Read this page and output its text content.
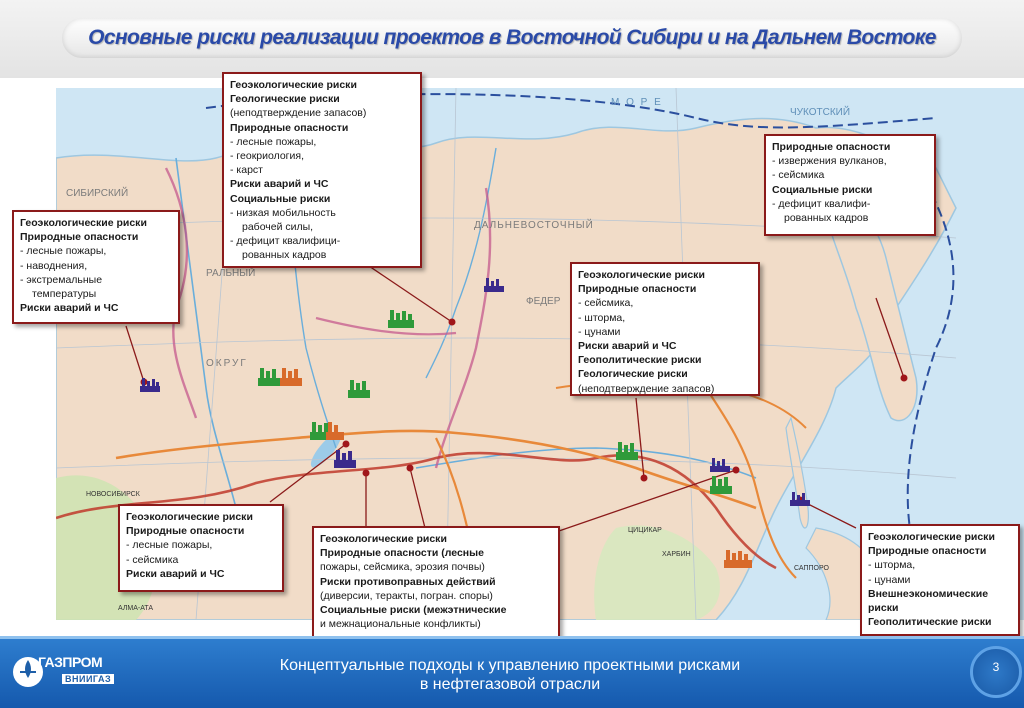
Основные риски реализации проектов в Восточной Сибири и на Дальнем Востоке
М О Р Е
ЧУКОТСКИЙ
СИБИРСКИЙ
ДАЛЬНЕВОСТОЧНЫЙ
ФЕДЕР
РАЛЬНЫЙ
ОКРУГ
НОВОСИБИРСК
ЦИЦИКАР
ХАРБИН
САППОРО
АЛМА-АТА
Геоэкологические риски
Геологические риски
(неподтверждение запасов)
Природные опасности
- лесные пожары,
- геокриология,
- карст
Риски аварий и ЧС
Социальные риски
- низкая мобильность
рабочей силы,
- дефицит квалифици-
рованных кадров
Геоэкологические риски
Природные опасности
- лесные пожары,
- наводнения,
- экстремальные
температуры
Риски аварий и ЧС
Природные опасности
- извержения вулканов,
- сейсмика
Социальные риски
- дефицит квалифи-
рованных кадров
Геоэкологические риски
Природные опасности
- сейсмика,
- шторма,
- цунами
Риски аварий и ЧС
Геополитические риски
Геологические риски
(неподтверждение запасов)
Геоэкологические риски
Природные опасности
- лесные пожары,
- сейсмика
Риски аварий и ЧС
Геоэкологические риски
Природные опасности (лесные
пожары, сейсмика, эрозия почвы)
Риски противоправных действий
(диверсии, теракты, погран. споры)
Социальные риски (межэтнические
и межнациональные конфликты)
Геоэкологические риски
Природные опасности
- шторма,
- цунами
Внешнеэкономические
риски
Геополитические риски
ГАЗПРОМ
ВНИИГАЗ
Концептуальные подходы к управлению проектными рисками
в нефтегазовой отрасли
3
